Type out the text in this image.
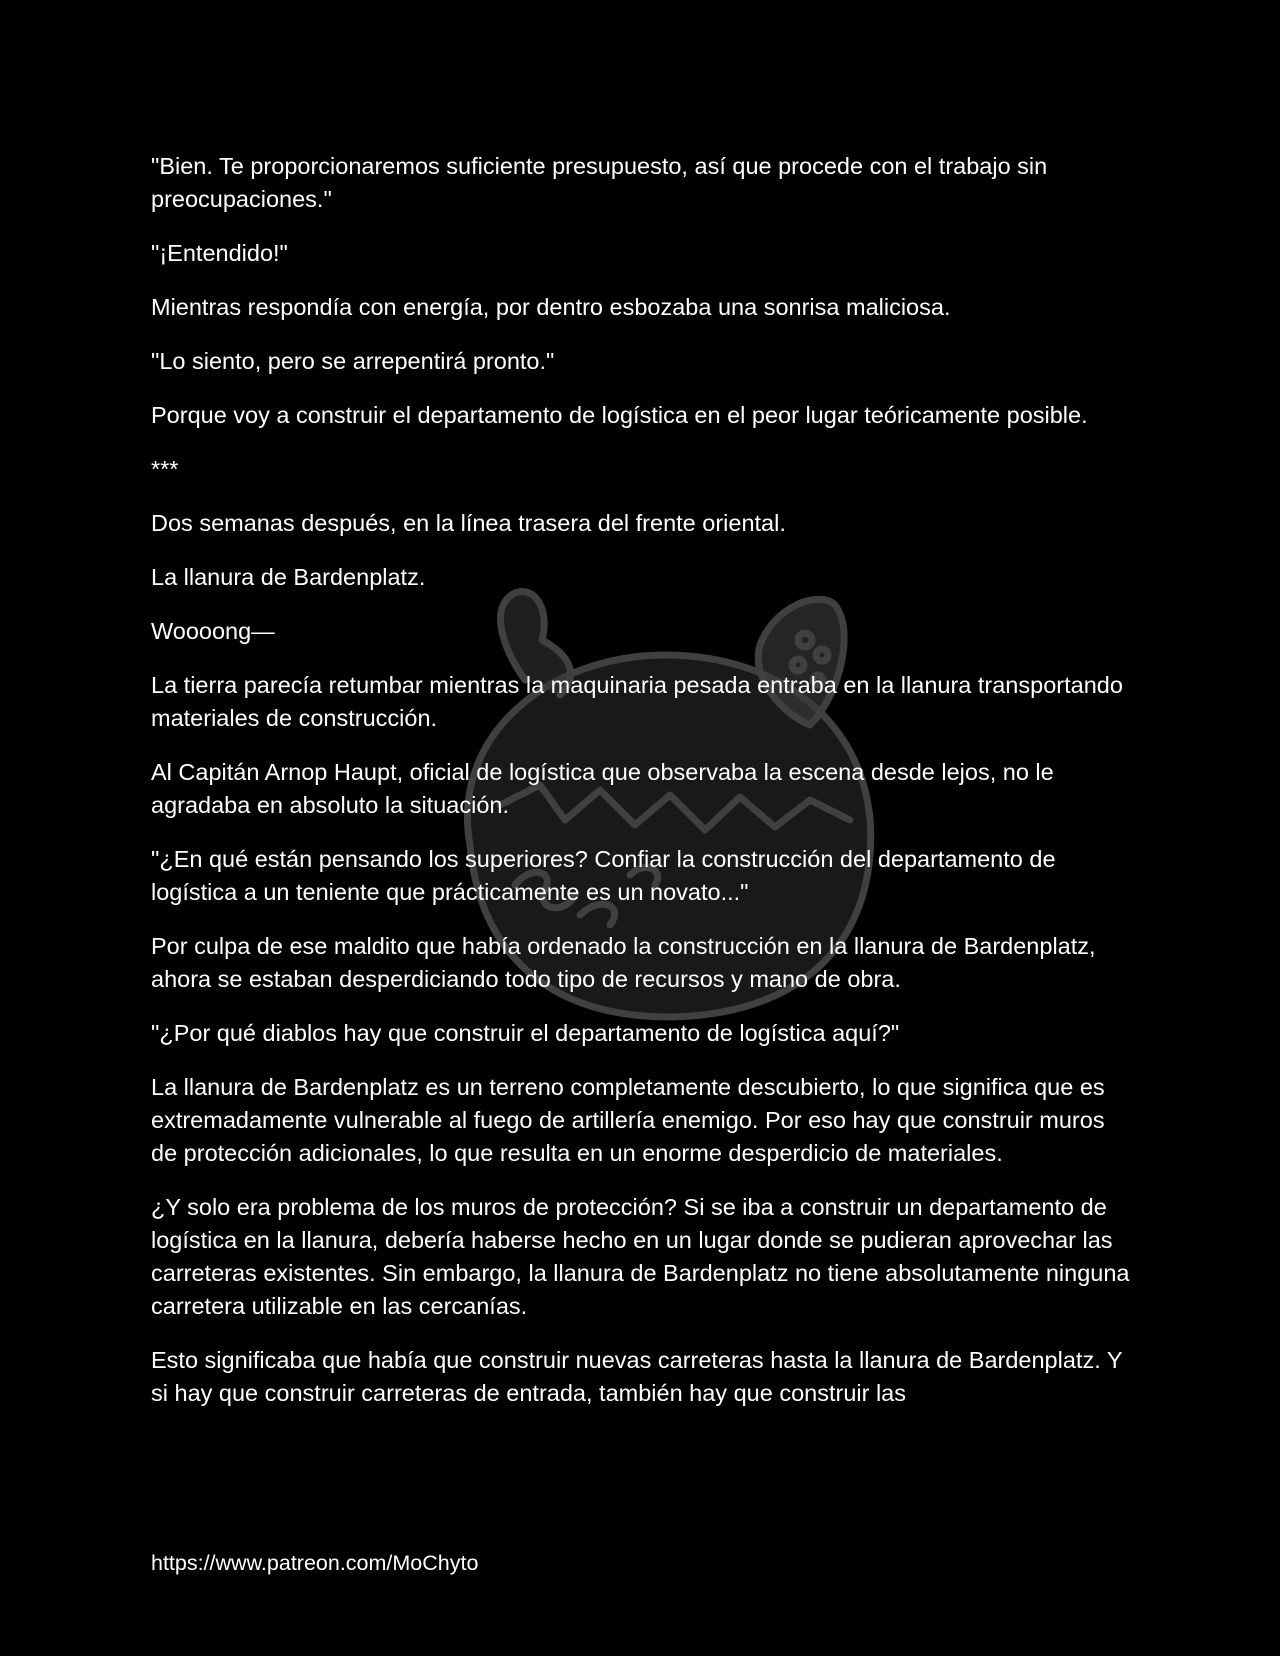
"Bien. Te proporcionaremos suficiente presupuesto, así que procede con el trabajo sin preocupaciones."

"¡Entendido!"

Mientras respondía con energía, por dentro esbozaba una sonrisa maliciosa.

"Lo siento, pero se arrepentirá pronto."

Porque voy a construir el departamento de logística en el peor lugar teóricamente posible.

***

Dos semanas después, en la línea trasera del frente oriental.

La llanura de Bardenplatz.

Woooong—

La tierra parecía retumbar mientras la maquinaria pesada entraba en la llanura transportando materiales de construcción.

Al Capitán Arnop Haupt, oficial de logística que observaba la escena desde lejos, no le agradaba en absoluto la situación.

"¿En qué están pensando los superiores? Confiar la construcción del departamento de logística a un teniente que prácticamente es un novato..."

Por culpa de ese maldito que había ordenado la construcción en la llanura de Bardenplatz, ahora se estaban desperdiciando todo tipo de recursos y mano de obra.

"¿Por qué diablos hay que construir el departamento de logística aquí?"

La llanura de Bardenplatz es un terreno completamente descubierto, lo que significa que es extremadamente vulnerable al fuego de artillería enemigo. Por eso hay que construir muros de protección adicionales, lo que resulta en un enorme desperdicio de materiales.

¿Y solo era problema de los muros de protección? Si se iba a construir un departamento de logística en la llanura, debería haberse hecho en un lugar donde se pudieran aprovechar las carreteras existentes. Sin embargo, la llanura de Bardenplatz no tiene absolutamente ninguna carretera utilizable en las cercanías.

Esto significaba que había que construir nuevas carreteras hasta la llanura de Bardenplatz. Y si hay que construir carreteras de entrada, también hay que construir las

https://www.patreon.com/MoChyto
